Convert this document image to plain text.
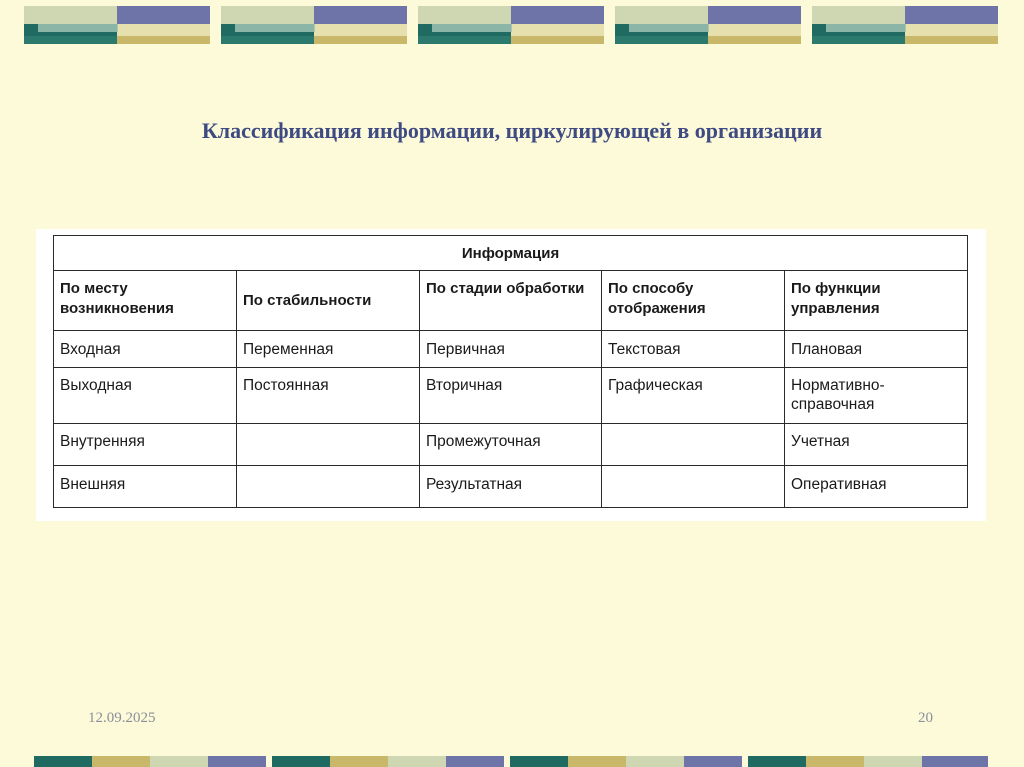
Классификация информации, циркулирующей в организации
Информация				
По месту возникновения	По стабильности	По стадии обработки	По способу отображения	По функции управления
Входная	Переменная	Первичная	Текстовая	Плановая
Выходная	Постоянная	Вторичная	Графическая	Нормативно-справочная
Внутренняя		Промежуточная		Учетная
Внешняя		Результатная		Оперативная
12.09.2025	20
